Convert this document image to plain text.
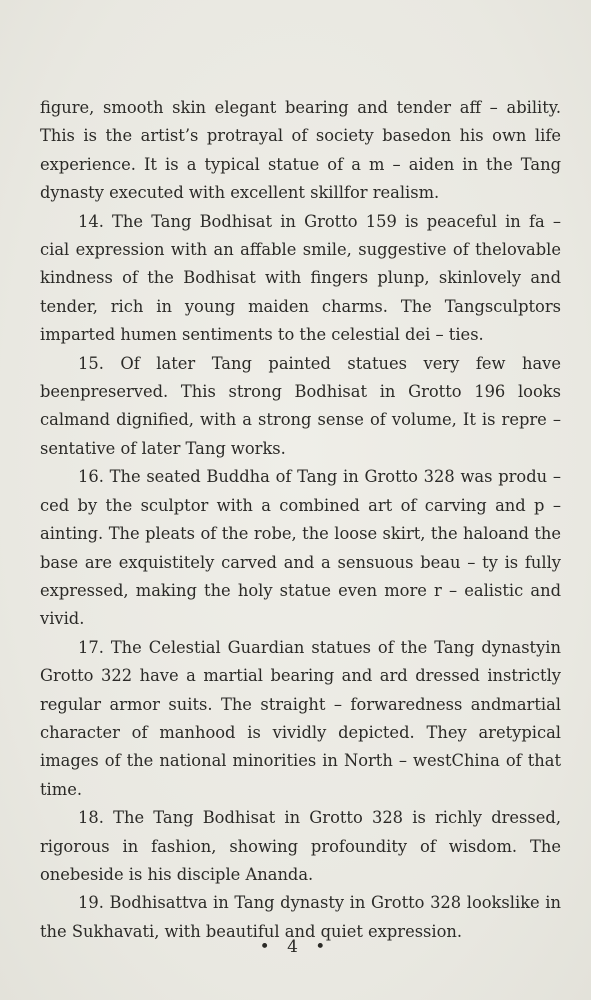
figure, smooth skin elegant bearing and tender aff – ability. This is the artist’s protrayal of society basedon his own life experience. It is a typical statue of a m – aiden in the Tang dynasty executed with excellent skillfor realism.

14. The Tang Bodhisat in Grotto 159 is peaceful in fa – cial expression with an affable smile, suggestive of thelovable kindness of the Bodhisat with fingers plunp, skinlovely and tender, rich in young maiden charms. The Tangsculptors imparted humen sentiments to the celestial dei – ties.

15. Of later Tang painted statues very few have beenpreserved. This strong Bodhisat in Grotto 196 looks calmand dignified, with a strong sense of volume, It is repre – sentative of later Tang works.

16. The seated Buddha of Tang in Grotto 328 was produ – ced by the sculptor with a combined art of carving and p – ainting. The pleats of the robe, the loose skirt, the haloand the base are exquistitely carved and a sensuous beau – ty is fully expressed, making the holy statue even more r – ealistic and vivid.

17. The Celestial Guardian statues of the Tang dynastyin Grotto 322 have a martial bearing and ard dressed instrictly regular armor suits. The straight – forwaredness andmartial character of manhood is vividly depicted. They aretypical images of the national minorities in North – westChina of that time.

18. The Tang Bodhisat in Grotto 328 is richly dressed, rigorous in fashion, showing profoundity of wisdom. The onebeside is his disciple Ananda.

19. Bodhisattva in Tang dynasty in Grotto 328 lookslike in the Sukhavati, with beautiful and quiet expression.

• 4 •
